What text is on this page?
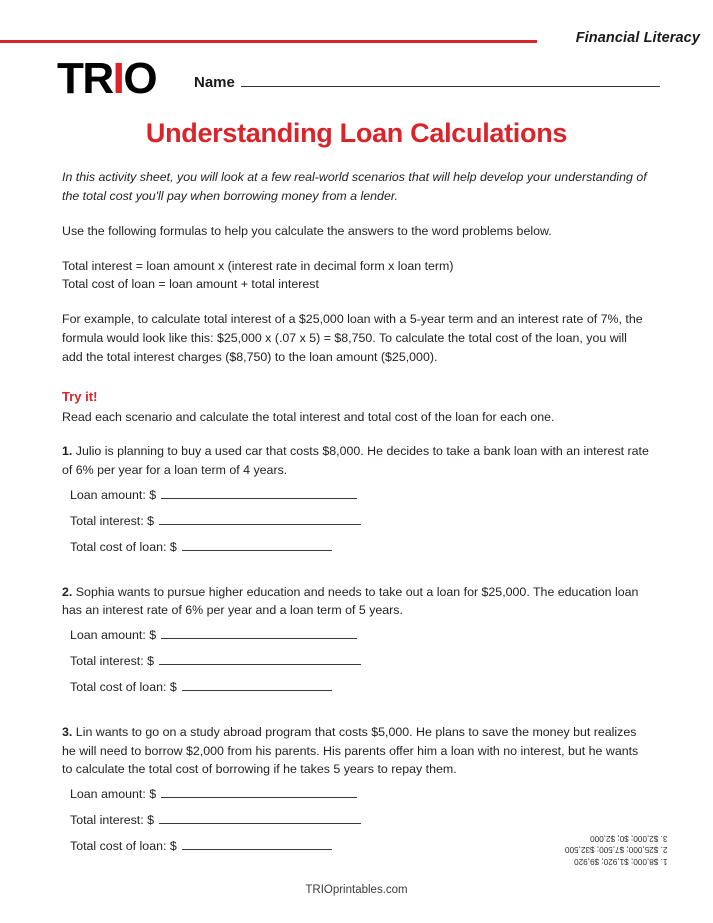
Financial Literacy
TRIO	Name
Understanding Loan Calculations

In this activity sheet, you will look at a few real-world scenarios that will help develop your understanding of the total cost you'll pay when borrowing money from a lender.

Use the following formulas to help you calculate the answers to the word problems below.

Total interest = loan amount x (interest rate in decimal form x loan term)
Total cost of loan = loan amount + total interest

For example, to calculate total interest of a $25,000 loan with a 5-year term and an interest rate of 7%, the formula would look like this: $25,000 x (.07 x 5) = $8,750. To calculate the total cost of the loan, you will add the total interest charges ($8,750) to the loan amount ($25,000).

Try it!

Read each scenario and calculate the total interest and total cost of the loan for each one.

1. Julio is planning to buy a used car that costs $8,000. He decides to take a bank loan with an interest rate of 6% per year for a loan term of 4 years.

Loan amount: $
Total interest: $
Total cost of loan: $

2. Sophia wants to pursue higher education and needs to take out a loan for $25,000. The education loan has an interest rate of 6% per year and a loan term of 5 years.

Loan amount: $
Total interest: $
Total cost of loan: $

3. Lin wants to go on a study abroad program that costs $5,000. He plans to save the money but realizes he will need to borrow $2,000 from his parents. His parents offer him a loan with no interest, but he wants to calculate the total cost of borrowing if he takes 5 years to repay them.

Loan amount: $
Total interest: $
Total cost of loan: $
1. $8,000; $1,920; $9,920
2. $25,000; $7,500; $32,500
3. $2,000; $0; $2,000
TRIOprintables.com
